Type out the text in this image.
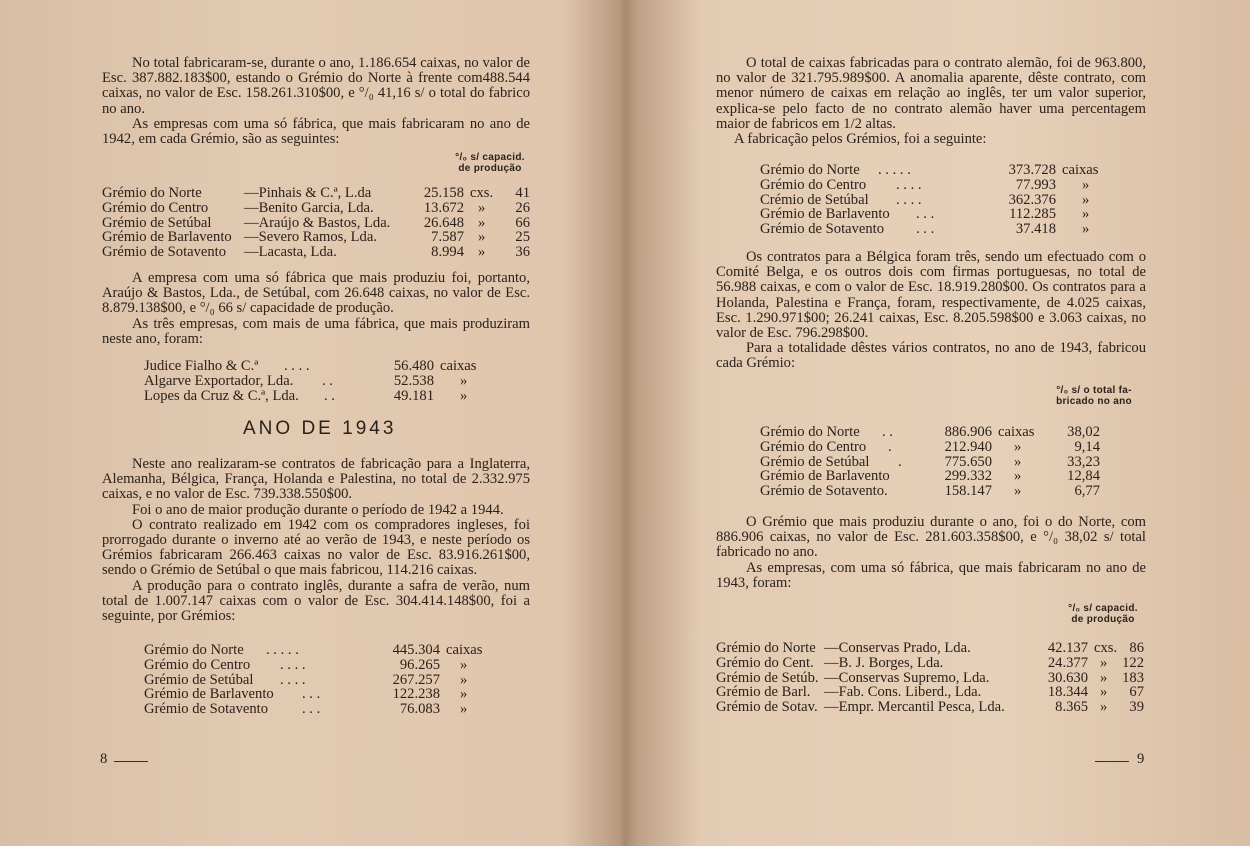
No total fabricaram-se, durante o ano, 1.186.654 caixas, no valor de Esc. 387.882.183$00, estando o Grémio do Norte à frente com488.544 caixas, no valor de Esc. 158.261.310$00, e °/₀ 41,16 s/ o total do fabrico no ano.

As empresas com uma só fábrica, que mais fabricaram no ano de 1942, em cada Grémio, são as seguintes:

°/₀ s/ capacid.
de produção
Grémio do Norte	—Pinhais & C.ª, L.da	25.158 cxs.	41
Grémio do Centro —Benito Garcia, Lda.	13.672 »	26
Grémio de Setúbal —Araújo & Bastos, Lda.	26.648 »	66
Grémio de Barlavento —Severo Ramos, Lda.	7.587 »	25
Grémio de Sotavento —Lacasta, Lda.	8.994 »	36

A empresa com uma só fábrica que mais produziu foi, portanto, Araújo & Bastos, Lda., de Setúbal, com 26.648 caixas, no valor de Esc. 8.879.138$00, e °/₀ 66 s/ capacidade de produção.

As três empresas, com mais de uma fábrica, que mais produziram neste ano, foram:

Judice Fialho & C.ª . . . .	56.480 caixas
Algarve Exportador, Lda. . .	52.538 »
Lopes da Cruz & C.ª, Lda. . .	49.181 »
ANO DE 1943

Neste ano realizaram-se contratos de fabricação para a Inglaterra, Alemanha, Bélgica, França, Holanda e Palestina, no total de 2.332.975 caixas, e no valor de Esc. 739.338.550$00.

Foi o ano de maior produção durante o período de 1942 a 1944.

O contrato realizado em 1942 com os compradores ingleses, foi prorrogado durante o inverno até ao verão de 1943, e neste período os Grémios fabricaram 266.463 caixas no valor de Esc. 83.916.261$00, sendo o Grémio de Setúbal o que mais fabricou, 114.216 caixas.

A produção para o contrato inglês, durante a safra de verão, num total de 1.007.147 caixas com o valor de Esc. 304.414.148$00, foi a seguinte, por Grémios:

Grémio do Norte . . . . .	445.304 caixas
Grémio do Centro . . . .	96.265 »
Grémio de Setúbal . . . .	267.257 »
Grémio de Barlavento . . .	122.238 »
Grémio de Sotavento . . .	76.083 »
8

O total de caixas fabricadas para o contrato alemão, foi de 963.800, no valor de 321.795.989$00. A anomalia aparente, dêste contrato, com menor número de caixas em relação ao inglês, ter um valor superior, explica-se pelo facto de no contrato alemão haver uma percentagem maior de fabricos em 1/2 altas.

A fabricação pelos Grémios, foi a seguinte:

Grémio do Norte . . . . .	373.728 caixas
Grémio do Centro . . . .	77.993 »
Crémio de Setúbal . . . .	362.376 »
Grémio de Barlavento . . .	112.285 »
Grémio de Sotavento . . .	37.418 »

Os contratos para a Bélgica foram três, sendo um efectuado com o Comité Belga, e os outros dois com firmas portuguesas, no total de 56.988 caixas, e com o valor de Esc. 18.919.280$00. Os contratos para a Holanda, Palestina e França, foram, respectivamente, de 4.025 caixas, Esc. 1.290.971$00; 26.241 caixas, Esc. 8.205.598$00 e 3.063 caixas, no valor de Esc. 796.298$00.

Para a totalidade dêstes vários contratos, no ano de 1943, fabricou cada Grémio:

°/₀ s/ o total fa-
bricado no ano
Grémio do Norte . .	886.906 caixas	38,02
Grémio do Centro .	212.940 »	9,14
Grémio de Setúbal .	775.650 »	33,23
Grémio de Barlavento	299.332 »	12,84
Grémio de Sotavento.	158.147 »	6,77

O Grémio que mais produziu durante o ano, foi o do Norte, com 886.906 caixas, no valor de Esc. 281.603.358$00, e °/₀ 38,02 s/ total fabricado no ano.

As empresas, com uma só fábrica, que mais fabricaram no ano de 1943, foram:

°/₀ s/ capacid.
de produção
Grémio do Norte —Conservas Prado, Lda.	42.137 cxs. 86
Grémio do Cent. —B. J. Borges, Lda.	24.377 »	122
Grémio de Setúb. —Conservas Supremo, Lda.	30.630 »	183
Grémio de Barl. —Fab. Cons. Liberd., Lda.	18.344 »	67
Grémio de Sotav. —Empr. Mercantil Pesca, Lda.	8.365 »	39
9
